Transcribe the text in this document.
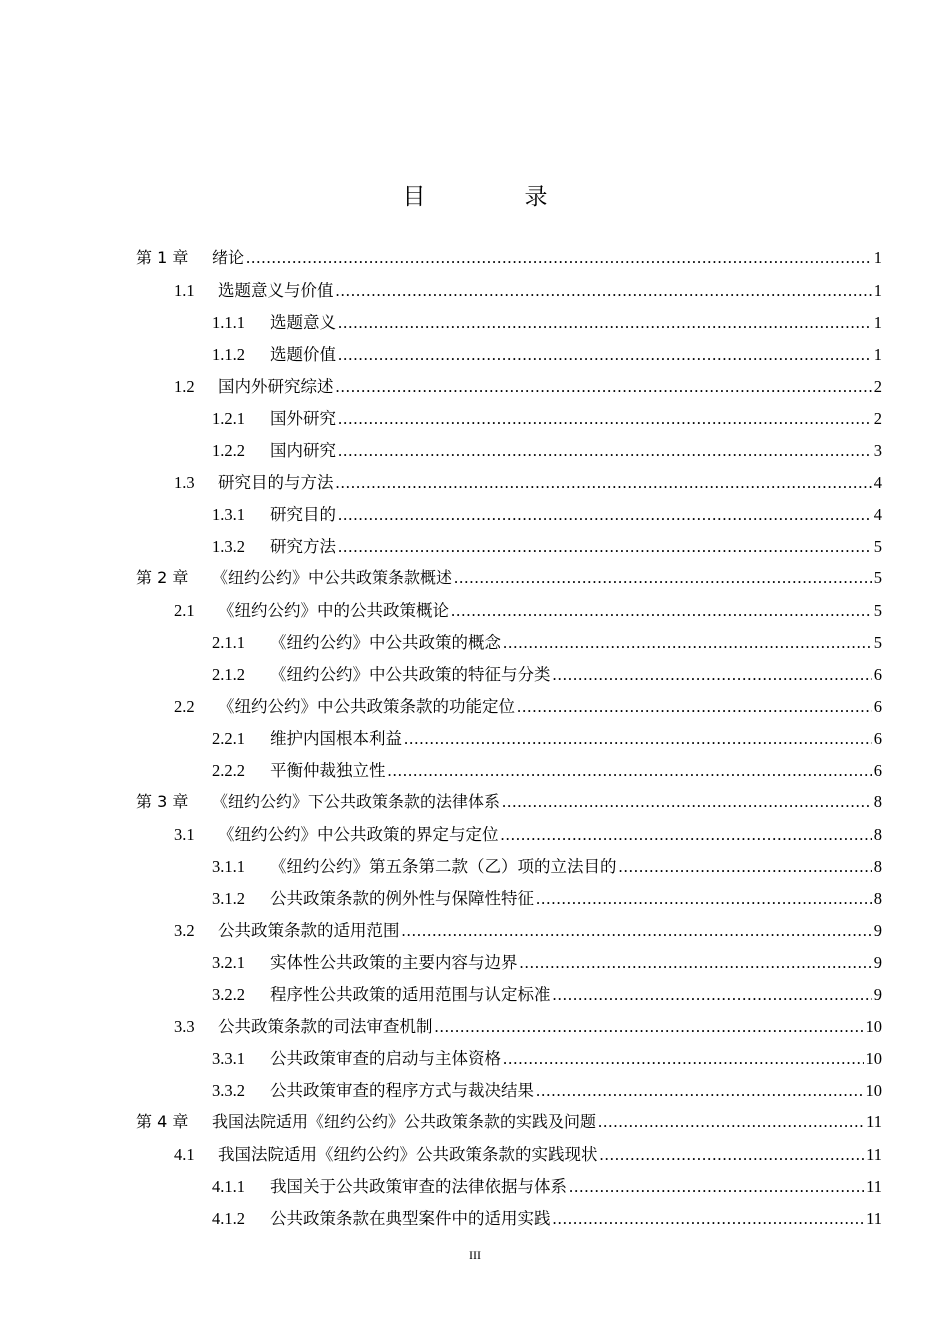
目　录
第 1 章	绪论 .....	1
1.1	选题意义与价值 .....	1
1.1.1	选题意义 .....	1
1.1.2	选题价值 .....	1
1.2	国内外研究综述 .....	2
1.2.1	国外研究 .....	2
1.2.2	国内研究 .....	3
1.3	研究目的与方法 .....	4
1.3.1	研究目的 .....	4
1.3.2	研究方法 .....	5
第 2 章	《纽约公约》中公共政策条款概述 .....	5
2.1	《纽约公约》中的公共政策概论 .....	5
2.1.1	《纽约公约》中公共政策的概念 .....	5
2.1.2	《纽约公约》中公共政策的特征与分类 .....	6
2.2	《纽约公约》中公共政策条款的功能定位 .....	6
2.2.1	维护内国根本利益 .....	6
2.2.2	平衡仲裁独立性 .....	6
第 3 章	《纽约公约》下公共政策条款的法律体系 .....	8
3.1	《纽约公约》中公共政策的界定与定位 .....	8
3.1.1	《纽约公约》第五条第二款（乙）项的立法目的 .....	8
3.1.2	公共政策条款的例外性与保障性特征 .....	8
3.2	公共政策条款的适用范围 .....	9
3.2.1	实体性公共政策的主要内容与边界 .....	9
3.2.2	程序性公共政策的适用范围与认定标准 .....	9
3.3	公共政策条款的司法审查机制 .....	10
3.3.1	公共政策审查的启动与主体资格 .....	10
3.3.2	公共政策审查的程序方式与裁决结果 .....	10
第 4 章	我国法院适用《纽约公约》公共政策条款的实践及问题 .....	11
4.1	我国法院适用《纽约公约》公共政策条款的实践现状 .....	11
4.1.1	我国关于公共政策审查的法律依据与体系 .....	11
4.1.2	公共政策条款在典型案件中的适用实践 .....	11
III
